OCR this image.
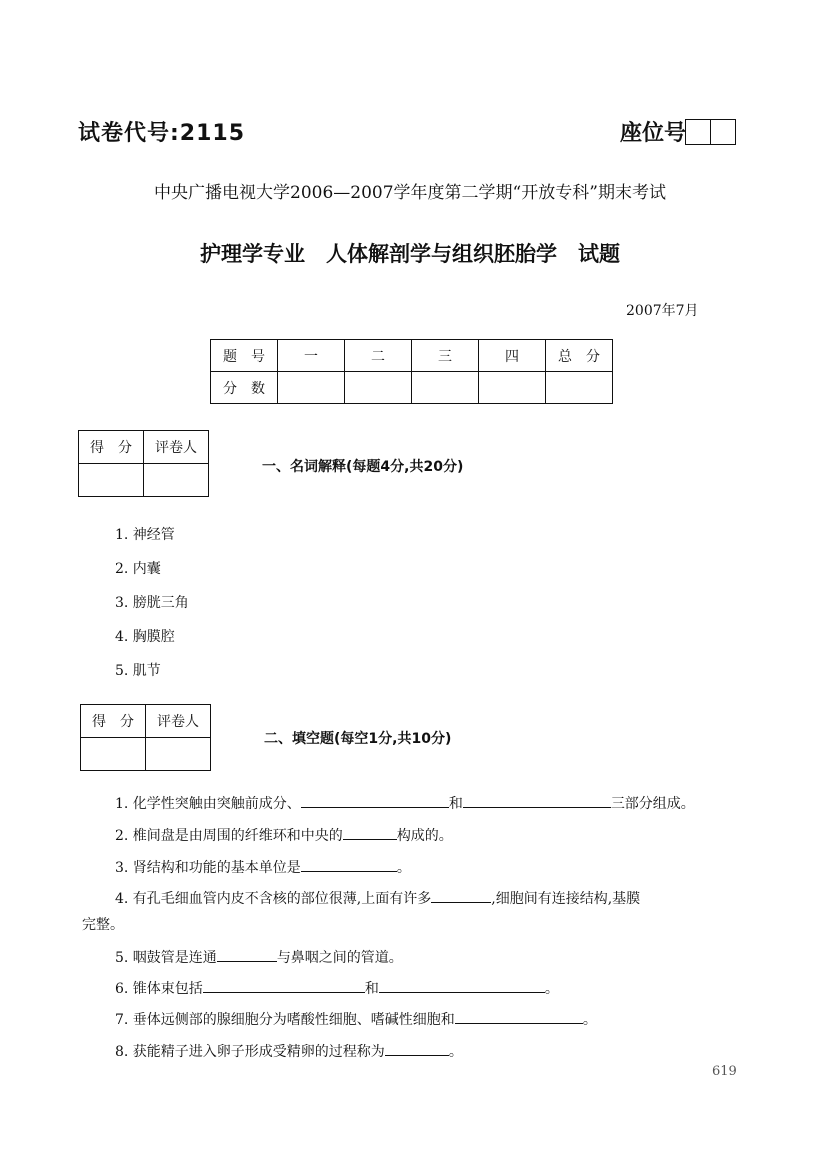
试卷代号:2115	座位号
中央广播电视大学2006—2007学年度第二学期“开放专科”期末考试
护理学专业　人体解剖学与组织胚胎学　试题
2007年7月
题　号	一	二	三	四	总　分
分　数					
得　分	评卷人

一、名词解释(每题4分,共20分)
1. 神经管
2. 内囊
3. 膀胱三角
4. 胸膜腔
5. 肌节
得　分	评卷人

二、填空题(每空1分,共10分)
1. 化学性突触由突触前成分、	和	三部分组成。
2. 椎间盘是由周围的纤维环和中央的	构成的。
3. 肾结构和功能的基本单位是	。
4. 有孔毛细血管内皮不含核的部位很薄,上面有许多	,细胞间有连接结构,基膜
完整。
5. 咽鼓管是连通	与鼻咽之间的管道。
6. 锥体束包括	和	。
7. 垂体远侧部的腺细胞分为嗜酸性细胞、嗜碱性细胞和	。
8. 获能精子进入卵子形成受精卵的过程称为	。
619
